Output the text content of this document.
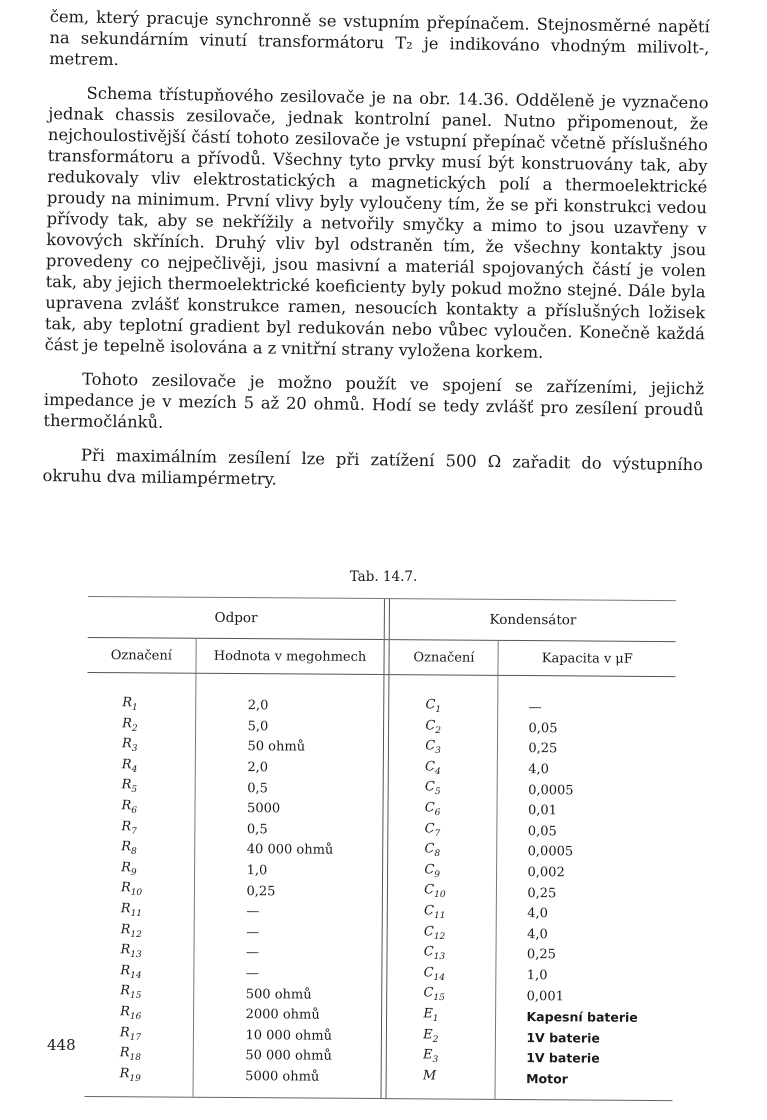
čem, který pracuje synchronně se vstupním přepínačem. Stejnosměrné napětí na sekundárním vinutí transformátoru T₂ je indikováno vhodným milivolt-, metrem.

Schema třístupňového zesilovače je na obr. 14.36. Odděleně je vyznačeno jednak chassis zesilovače, jednak kontrolní panel. Nutno připomenout, že nejchoulostivější částí tohoto zesilovače je vstupní přepínač včetně příslušného transformátoru a přívodů. Všechny tyto prvky musí být konstruovány tak, aby redukovaly vliv elektrostatických a magnetických polí a thermoelektrické proudy na minimum. První vlivy byly vyloučeny tím, že se při konstrukci vedou přívody tak, aby se nekřížily a netvořily smyčky a mimo to jsou uzavřeny v kovových skříních. Druhý vliv byl odstraněn tím, že všechny kontakty jsou provedeny co nejpečlivěji, jsou masivní a materiál spojovaných částí je volen tak, aby jejich thermoelektrické koeficienty byly pokud možno stejné. Dále byla upravena zvlášť konstrukce ramen, nesoucích kontakty a příslušných ložisek tak, aby teplotní gradient byl redukován nebo vůbec vyloučen. Konečně každá část je tepelně isolována a z vnitřní strany vyložena korkem.

Tohoto zesilovače je možno použít ve spojení se zařízeními, jejichž impedance je v mezích 5 až 20 ohmů. Hodí se tedy zvlášť pro zesílení proudů thermočlánků.

Při maximálním zesílení lze při zatížení 500 Ω zařadit do výstupního okruhu dva miliampérmetry.

Tab. 14.7.
Odpor			Kondensátor	
Označení	Hodnota v megohmech		Označení	Kapacita v μF
$R_1$	2,0		$C_1$	—
$R_2$	5,0		$C_2$	0,05
$R_3$	50 ohmů		$C_3$	0,25
$R_4$	2,0		$C_4$	4,0
$R_5$	0,5		$C_5$	0,0005
$R_6$	5000		$C_6$	0,01
$R_7$	0,5		$C_7$	0,05
$R_8$	40 000 ohmů		$C_8$	0,0005
$R_9$	1,0		$C_9$	0,002
$R_{10}$	0,25		$C_{10}$	0,25
$R_{11}$	—		$C_{11}$	4,0
$R_{12}$	—		$C_{12}$	4,0
$R_{13}$	—		$C_{13}$	0,25
$R_{14}$	—		$C_{14}$	1,0
$R_{15}$	500 ohmů		$C_{15}$	0,001
$R_{16}$	2000 ohmů		$E_1$	Kapesní baterie
$R_{17}$	10 000 ohmů		$E_2$	1V baterie
$R_{18}$	50 000 ohmů		$E_3$	1V baterie
$R_{19}$	5000 ohmů		M	Motor

448
